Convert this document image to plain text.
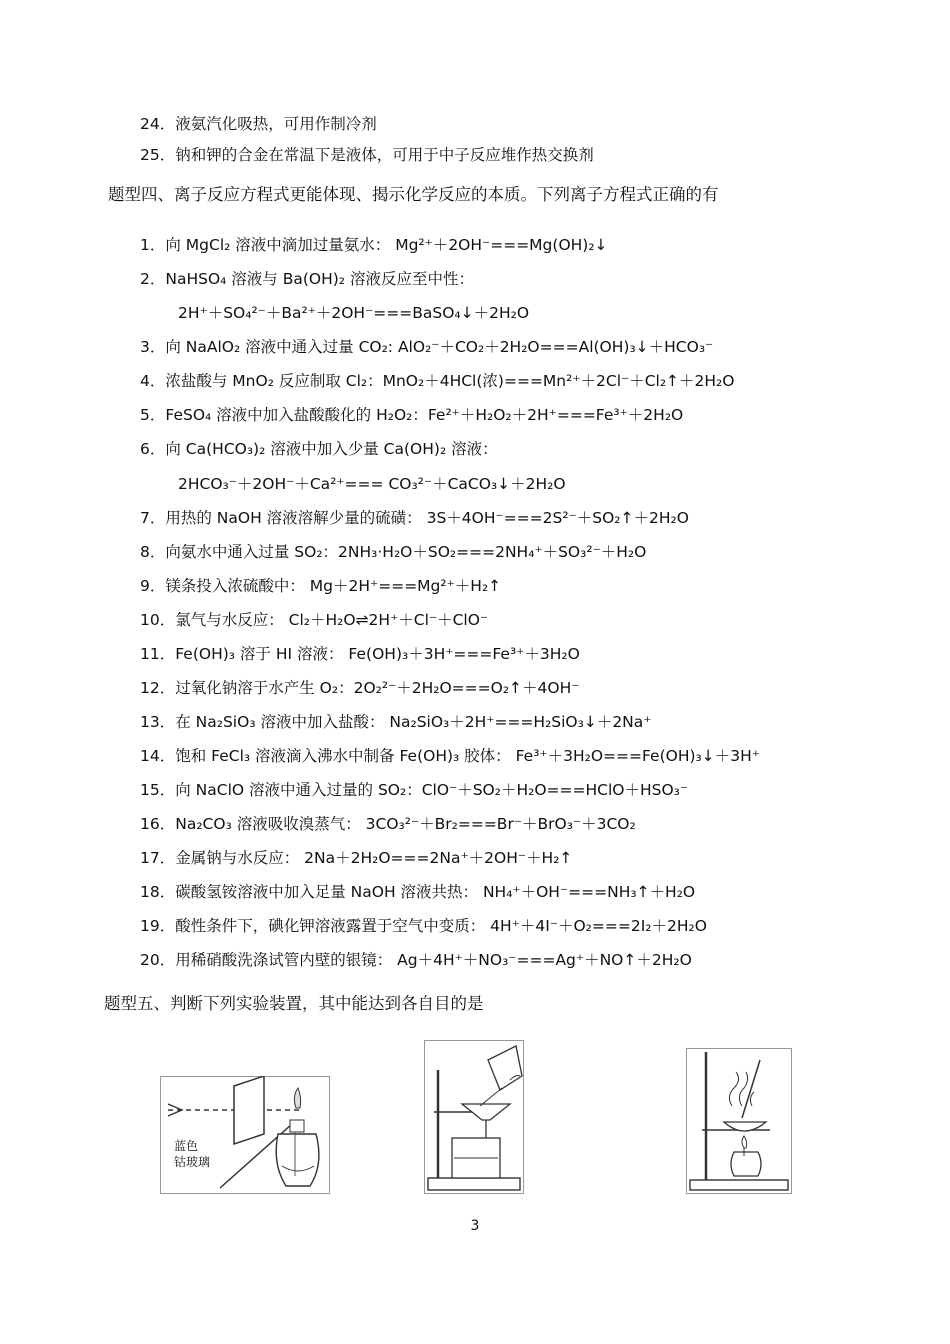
24．液氨汽化吸热，可用作制冷剂
25．钠和钾的合金在常温下是液体，可用于中子反应堆作热交换剂
题型四、离子反应方程式更能体现、揭示化学反应的本质。下列离子方程式正确的有
1．向 MgCl₂ 溶液中滴加过量氨水： Mg²⁺＋2OH⁻===Mg(OH)₂↓
2．NaHSO₄ 溶液与 Ba(OH)₂ 溶液反应至中性：
2H⁺＋SO₄²⁻＋Ba²⁺＋2OH⁻===BaSO₄↓＋2H₂O
3．向 NaAlO₂ 溶液中通入过量 CO₂: AlO₂⁻＋CO₂＋2H₂O===Al(OH)₃↓＋HCO₃⁻
4．浓盐酸与 MnO₂ 反应制取 Cl₂：MnO₂＋4HCl(浓)===Mn²⁺＋2Cl⁻＋Cl₂↑＋2H₂O
5．FeSO₄ 溶液中加入盐酸酸化的 H₂O₂：Fe²⁺＋H₂O₂＋2H⁺===Fe³⁺＋2H₂O
6．向 Ca(HCO₃)₂ 溶液中加入少量 Ca(OH)₂ 溶液：
2HCO₃⁻＋2OH⁻＋Ca²⁺=== CO₃²⁻＋CaCO₃↓＋2H₂O
7．用热的 NaOH 溶液溶解少量的硫磺： 3S＋4OH⁻===2S²⁻＋SO₂↑＋2H₂O
8．向氨水中通入过量 SO₂：2NH₃·H₂O＋SO₂===2NH₄⁺＋SO₃²⁻＋H₂O
9．镁条投入浓硫酸中： Mg＋2H⁺===Mg²⁺＋H₂↑
10．氯气与水反应： Cl₂＋H₂O⇌2H⁺＋Cl⁻＋ClO⁻
11．Fe(OH)₃ 溶于 HI 溶液： Fe(OH)₃＋3H⁺===Fe³⁺＋3H₂O
12．过氧化钠溶于水产生 O₂：2O₂²⁻＋2H₂O===O₂↑＋4OH⁻
13．在 Na₂SiO₃ 溶液中加入盐酸： Na₂SiO₃＋2H⁺===H₂SiO₃↓＋2Na⁺
14．饱和 FeCl₃ 溶液滴入沸水中制备 Fe(OH)₃ 胶体： Fe³⁺＋3H₂O===Fe(OH)₃↓＋3H⁺
15．向 NaClO 溶液中通入过量的 SO₂：ClO⁻＋SO₂＋H₂O===HClO＋HSO₃⁻
16．Na₂CO₃ 溶液吸收溴蒸气： 3CO₃²⁻＋Br₂===Br⁻＋BrO₃⁻＋3CO₂
17．金属钠与水反应： 2Na＋2H₂O===2Na⁺＋2OH⁻＋H₂↑
18．碳酸氢铵溶液中加入足量 NaOH 溶液共热： NH₄⁺＋OH⁻===NH₃↑＋H₂O
19．酸性条件下，碘化钾溶液露置于空气中变质： 4H⁺＋4I⁻＋O₂===2I₂＋2H₂O
20．用稀硝酸洗涤试管内壁的银镜： Ag＋4H⁺＋NO₃⁻===Ag⁺＋NO↑＋2H₂O
题型五、判断下列实验装置，其中能达到各自目的是
蓝色
钴玻璃
3
